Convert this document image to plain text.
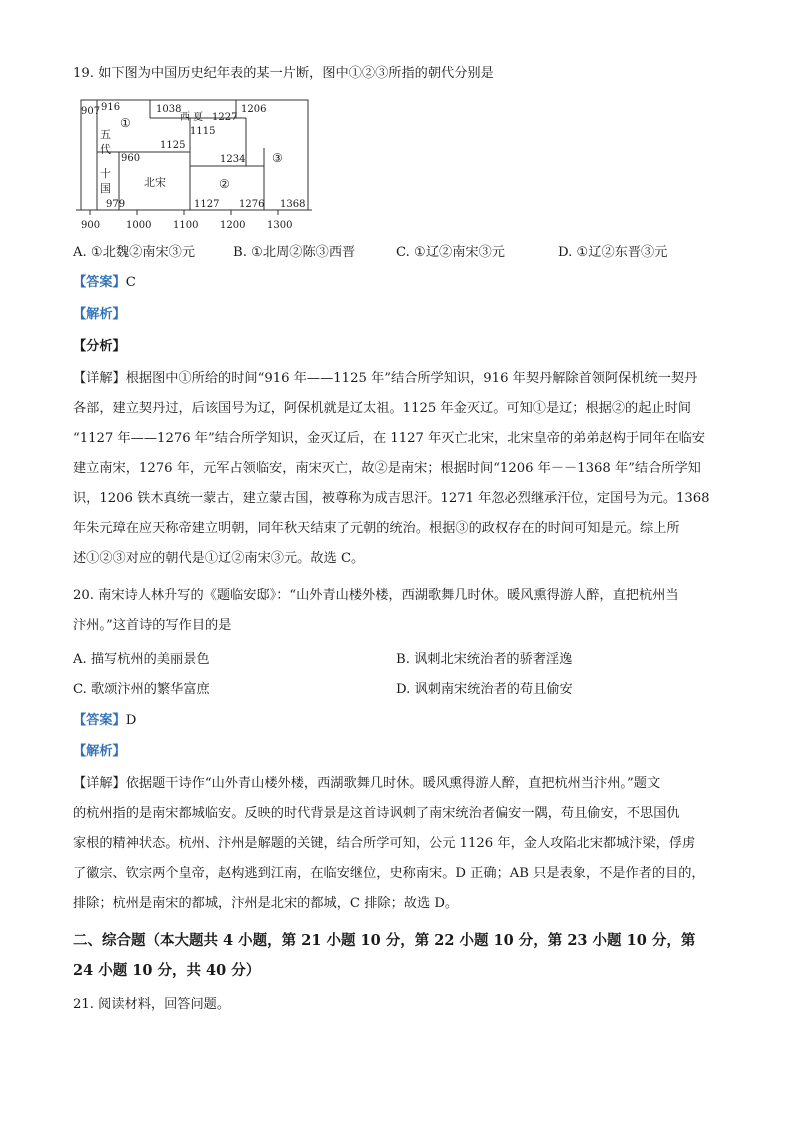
19. 如下图为中国历史纪年表的某一片断，图中①②③所指的朝代分别是
907 916	1038
西 夏 1227
1206
1115
①
五
代	1125
960	1234 ③
十
国	北宋	②
979	1127 1276 1368
900	1000 1100 1200 1300
A. ①北魏②南宋③元	B. ①北周②陈③西晋	C. ①辽②南宋③元	D. ①辽②东晋③元
【答案】C
【解析】
【分析】
【详解】根据图中①所给的时间“916 年——1125 年”结合所学知识，916 年契丹解除首领阿保机统一契丹
各部，建立契丹过，后该国号为辽，阿保机就是辽太祖。1125 年金灭辽。可知①是辽；根据②的起止时间
“1127 年——1276 年”结合所学知识，金灭辽后，在 1127 年灭亡北宋，北宋皇帝的弟弟赵构于同年在临安
建立南宋，1276 年，元军占领临安，南宋灭亡，故②是南宋；根据时间“1206 年－－1368 年”结合所学知
识，1206 铁木真统一蒙古，建立蒙古国，被尊称为成吉思汗。1271 年忽必烈继承汗位，定国号为元。1368
年朱元璋在应天称帝建立明朝，同年秋天结束了元朝的统治。根据③的政权存在的时间可知是元。综上所
述①②③对应的朝代是①辽②南宋③元。故选 C。
20. 南宋诗人林升写的《题临安邸》：“山外青山楼外楼，西湖歌舞几时休。暖风熏得游人醉，直把杭州当
汴州。”这首诗的写作目的是
A. 描写杭州的美丽景色	B. 讽刺北宋统治者的骄奢淫逸
C. 歌颂汴州的繁华富庶	D. 讽刺南宋统治者的苟且偷安
【答案】D
【解析】
【详解】依据题干诗作“山外青山楼外楼，西湖歌舞几时休。暖风熏得游人醉，直把杭州当汴州。”题文
的杭州指的是南宋都城临安。反映的时代背景是这首诗讽刺了南宋统治者偏安一隅，苟且偷安，不思国仇
家根的精神状态。杭州、汴州是解题的关键，结合所学可知，公元 1126 年，金人攻陷北宋都城汴梁，俘虏
了徽宗、钦宗两个皇帝，赵构逃到江南，在临安继位，史称南宋。D 正确；AB 只是表象，不是作者的目的，
排除；杭州是南宋的都城，汴州是北宋的都城，C 排除；故选 D。
二、综合题（本大题共 4 小题，第 21 小题 10 分，第 22 小题 10 分，第 23 小题 10 分，第
24 小题 10 分，共 40 分）
21. 阅读材料，回答问题。
